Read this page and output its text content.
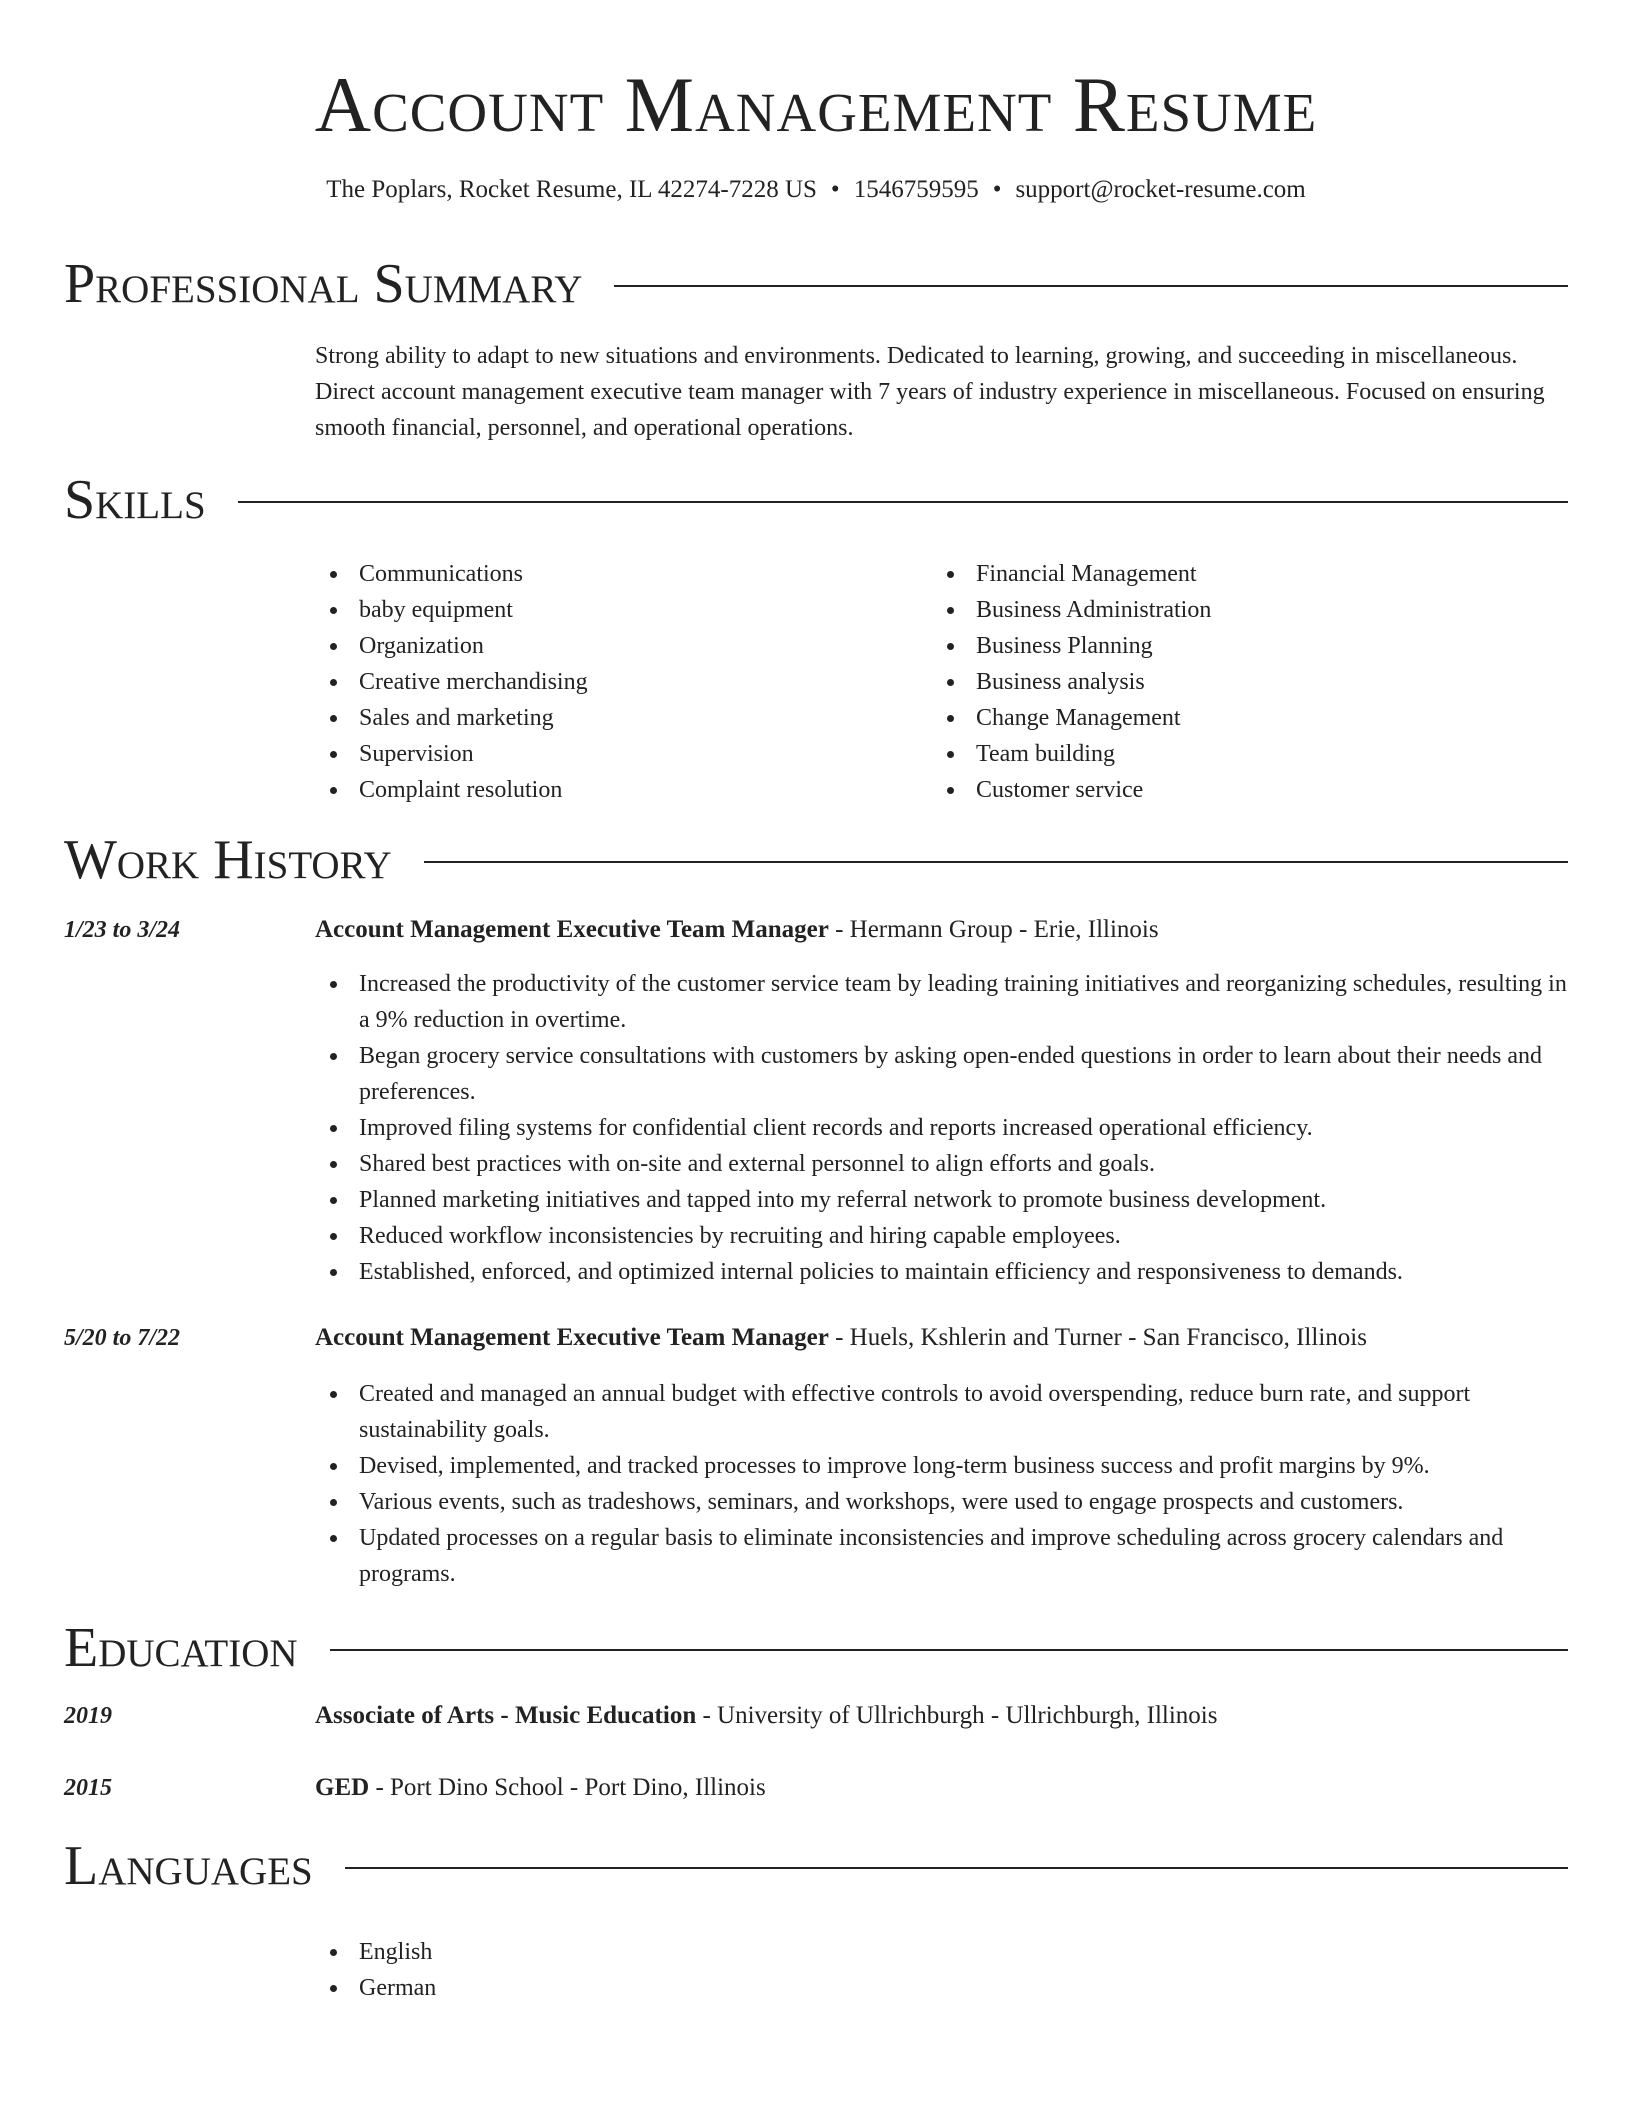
Account Management Resume
The Poplars, Rocket Resume, IL 42274-7228 US • 1546759595 • support@rocket-resume.com
Professional Summary

Strong ability to adapt to new situations and environments. Dedicated to learning, growing, and succeeding in miscellaneous. Direct account management executive team manager with 7 years of industry experience in miscellaneous. Focused on ensuring smooth financial, personnel, and operational operations.

Skills
Communications
baby equipment
Organization
Creative merchandising
Sales and marketing
Supervision
Complaint resolution
Financial Management
Business Administration
Business Planning
Business analysis
Change Management
Team building
Customer service
Work History
1/23 to 3/24	Account Management Executive Team Manager - Hermann Group - Erie, Illinois
Increased the productivity of the customer service team by leading training initiatives and reorganizing schedules, resulting in a 9% reduction in overtime.
Began grocery service consultations with customers by asking open-ended questions in order to learn about their needs and preferences.
Improved filing systems for confidential client records and reports increased operational efficiency.
Shared best practices with on-site and external personnel to align efforts and goals.
Planned marketing initiatives and tapped into my referral network to promote business development.
Reduced workflow inconsistencies by recruiting and hiring capable employees.
Established, enforced, and optimized internal policies to maintain efficiency and responsiveness to demands.
5/20 to 7/22	Account Management Executive Team Manager - Huels, Kshlerin and Turner - San Francisco, Illinois
Created and managed an annual budget with effective controls to avoid overspending, reduce burn rate, and support sustainability goals.
Devised, implemented, and tracked processes to improve long-term business success and profit margins by 9%.
Various events, such as tradeshows, seminars, and workshops, were used to engage prospects and customers.
Updated processes on a regular basis to eliminate inconsistencies and improve scheduling across grocery calendars and programs.
Education
2019	Associate of Arts - Music Education - University of Ullrichburgh - Ullrichburgh, Illinois
2015	GED - Port Dino School - Port Dino, Illinois
Languages
English
German
